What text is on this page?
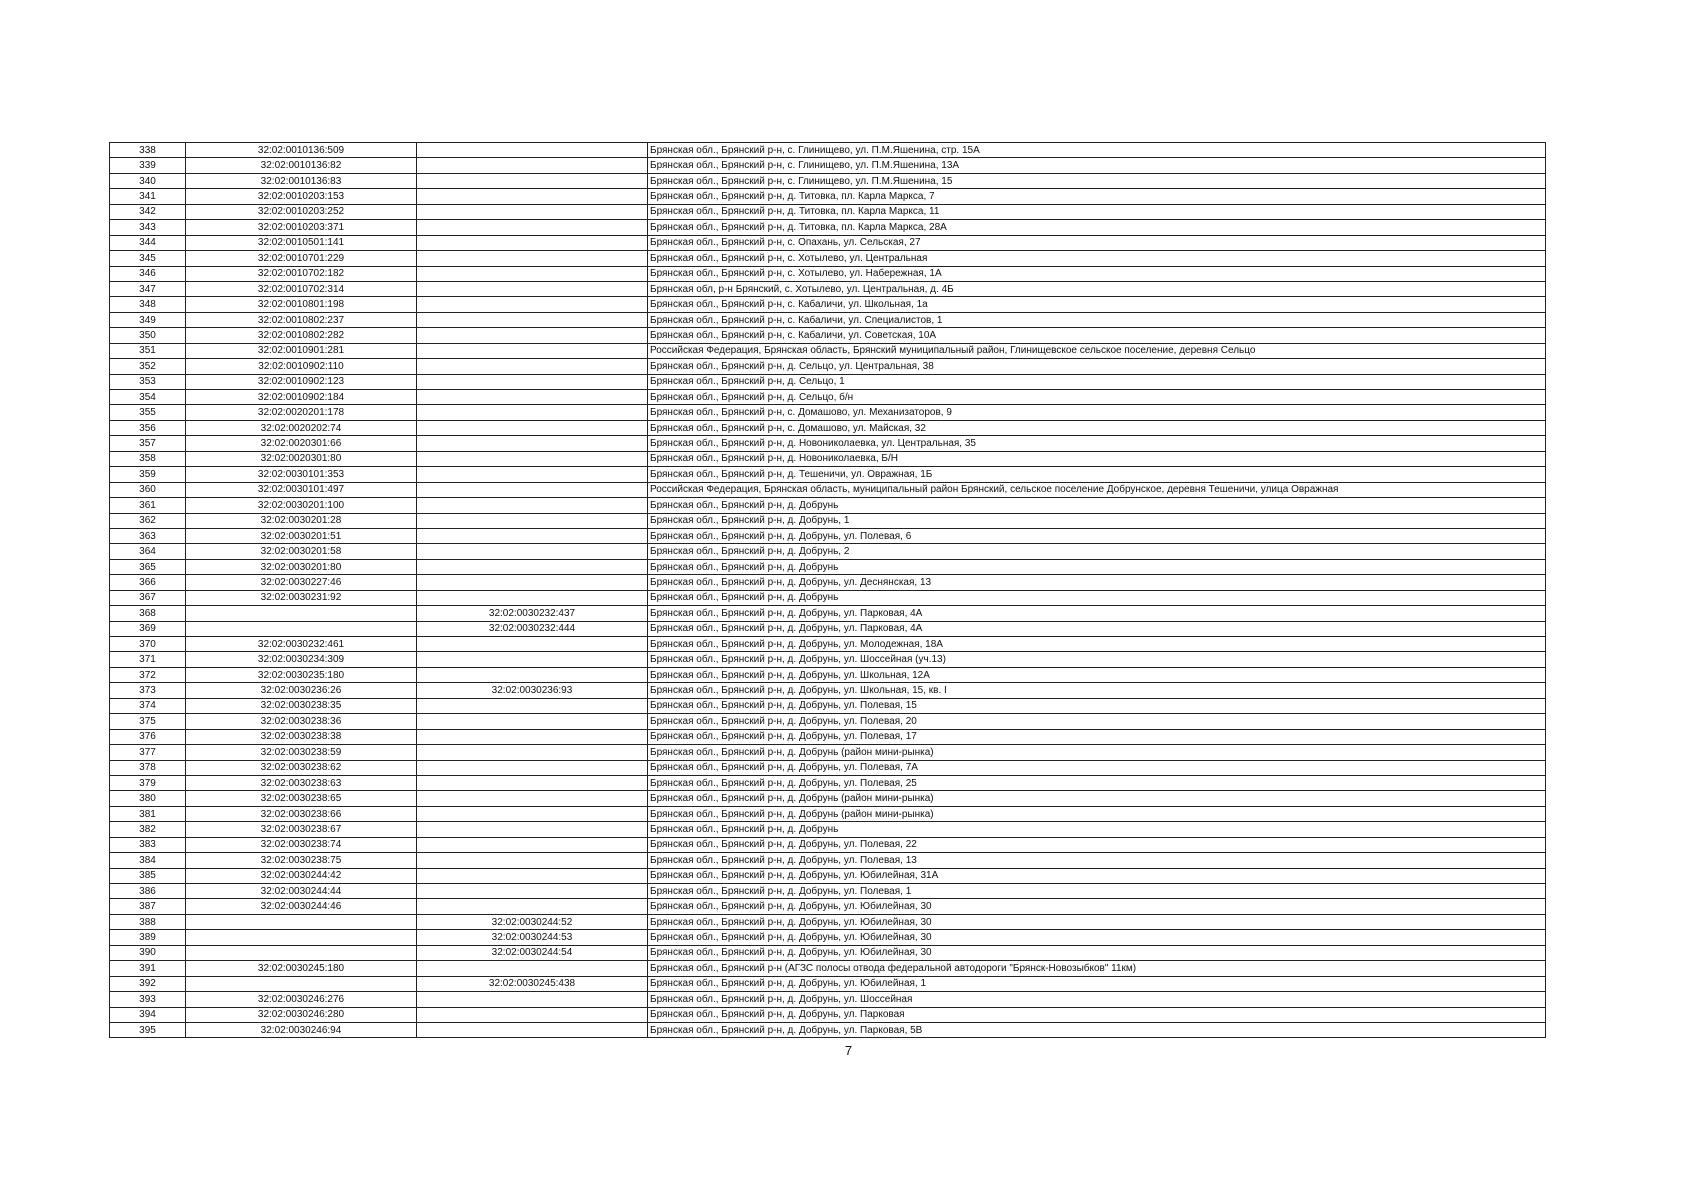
338	32:02:0010136:509		Брянская обл., Брянский р-н, с. Глинищево, ул. П.М.Яшенина, стр. 15А
339	32:02:0010136:82		Брянская обл., Брянский р-н, с. Глинищево, ул. П.М.Яшенина, 13А
340	32:02:0010136:83		Брянская обл., Брянский р-н, с. Глинищево, ул. П.М.Яшенина, 15
341	32:02:0010203:153		Брянская обл., Брянский р-н, д. Титовка, пл. Карла Маркса, 7
342	32:02:0010203:252		Брянская обл., Брянский р-н, д. Титовка, пл. Карла Маркса, 11
343	32:02:0010203:371		Брянская обл., Брянский р-н, д. Титовка, пл. Карла Маркса, 28А
344	32:02:0010501:141		Брянская обл., Брянский р-н, с. Опахань, ул. Сельская, 27
345	32:02:0010701:229		Брянская обл., Брянский р-н, с. Хотылево, ул. Центральная
346	32:02:0010702:182		Брянская обл., Брянский р-н, с. Хотылево, ул. Набережная, 1А
347	32:02:0010702:314		Брянская обл, р-н Брянский, с. Хотылево, ул. Центральная, д. 4Б
348	32:02:0010801:198		Брянская обл., Брянский р-н, с. Кабаличи, ул. Школьная, 1а
349	32:02:0010802:237		Брянская обл., Брянский р-н, с. Кабаличи, ул. Специалистов, 1
350	32:02:0010802:282		Брянская обл., Брянский р-н, с. Кабаличи, ул. Советская, 10А
351	32:02:0010901:281		Российская Федерация, Брянская область, Брянский муниципальный район, Глинищевское сельское поселение, деревня Сельцо
352	32:02:0010902:110		Брянская обл., Брянский р-н, д. Сельцо, ул. Центральная, 38
353	32:02:0010902:123		Брянская обл., Брянский р-н, д. Сельцо, 1
354	32:02:0010902:184		Брянская обл., Брянский р-н, д. Сельцо, б/н
355	32:02:0020201:178		Брянская обл., Брянский р-н, с. Домашово, ул. Механизаторов, 9
356	32:02:0020202:74		Брянская обл., Брянский р-н, с. Домашово, ул. Майская, 32
357	32:02:0020301:66		Брянская обл., Брянский р-н, д. Новониколаевка, ул. Центральная, 35
358	32:02:0020301:80		Брянская обл., Брянский р-н, д. Новониколаевка, Б/Н
359	32:02:0030101:353		Брянская обл., Брянский р-н, д. Тешеничи, ул. Овражная, 1Б
360	32:02:0030101:497		Российская Федерация, Брянская область, муниципальный район Брянский, сельское поселение Добрунское, деревня Тешеничи, улица Овражная
361	32:02:0030201:100		Брянская обл., Брянский р-н, д. Добрунь
362	32:02:0030201:28		Брянская обл., Брянский р-н, д. Добрунь, 1
363	32:02:0030201:51		Брянская обл., Брянский р-н, д. Добрунь, ул. Полевая, 6
364	32:02:0030201:58		Брянская обл., Брянский р-н, д. Добрунь, 2
365	32:02:0030201:80		Брянская обл., Брянский р-н, д. Добрунь
366	32:02:0030227:46		Брянская обл., Брянский р-н, д. Добрунь, ул. Деснянская, 13
367	32:02:0030231:92		Брянская обл., Брянский р-н, д. Добрунь
368		32:02:0030232:437	Брянская обл., Брянский р-н, д. Добрунь, ул. Парковая, 4А
369		32:02:0030232:444	Брянская обл., Брянский р-н, д. Добрунь, ул. Парковая, 4А
370	32:02:0030232:461		Брянская обл., Брянский р-н, д. Добрунь, ул. Молодежная, 18А
371	32:02:0030234:309		Брянская обл., Брянский р-н, д. Добрунь, ул. Шоссейная (уч.13)
372	32:02:0030235:180		Брянская обл., Брянский р-н, д. Добрунь, ул. Школьная, 12А
373	32:02:0030236:26	32:02:0030236:93	Брянская обл., Брянский р-н, д. Добрунь, ул. Школьная, 15, кв. I
374	32:02:0030238:35		Брянская обл., Брянский р-н, д. Добрунь, ул. Полевая, 15
375	32:02:0030238:36		Брянская обл., Брянский р-н, д. Добрунь, ул. Полевая, 20
376	32:02:0030238:38		Брянская обл., Брянский р-н, д. Добрунь, ул. Полевая, 17
377	32:02:0030238:59		Брянская обл., Брянский р-н, д. Добрунь (район мини-рынка)
378	32:02:0030238:62		Брянская обл., Брянский р-н, д. Добрунь, ул. Полевая, 7А
379	32:02:0030238:63		Брянская обл., Брянский р-н, д. Добрунь, ул. Полевая, 25
380	32:02:0030238:65		Брянская обл., Брянский р-н, д. Добрунь (район мини-рынка)
381	32:02:0030238:66		Брянская обл., Брянский р-н, д. Добрунь (район мини-рынка)
382	32:02:0030238:67		Брянская обл., Брянский р-н, д. Добрунь
383	32:02:0030238:74		Брянская обл., Брянский р-н, д. Добрунь, ул. Полевая, 22
384	32:02:0030238:75		Брянская обл., Брянский р-н, д. Добрунь, ул. Полевая, 13
385	32:02:0030244:42		Брянская обл., Брянский р-н, д. Добрунь, ул. Юбилейная, 31А
386	32:02:0030244:44		Брянская обл., Брянский р-н, д. Добрунь, ул. Полевая, 1
387	32:02:0030244:46		Брянская обл., Брянский р-н, д. Добрунь, ул. Юбилейная, 30
388		32:02:0030244:52	Брянская обл., Брянский р-н, д. Добрунь, ул. Юбилейная, 30
389		32:02:0030244:53	Брянская обл., Брянский р-н, д. Добрунь, ул. Юбилейная, 30
390		32:02:0030244:54	Брянская обл., Брянский р-н, д. Добрунь, ул. Юбилейная, 30
391	32:02:0030245:180		Брянская обл., Брянский р-н (АГЗС полосы отвода федеральной автодороги "Брянск-Новозыбков" 11км)
392		32:02:0030245:438	Брянская обл., Брянский р-н, д. Добрунь, ул. Юбилейная, 1
393	32:02:0030246:276		Брянская обл., Брянский р-н, д. Добрунь, ул. Шоссейная
394	32:02:0030246:280		Брянская обл., Брянский р-н, д. Добрунь, ул. Парковая
395	32:02:0030246:94		Брянская обл., Брянский р-н, д. Добрунь, ул. Парковая, 5В
7
